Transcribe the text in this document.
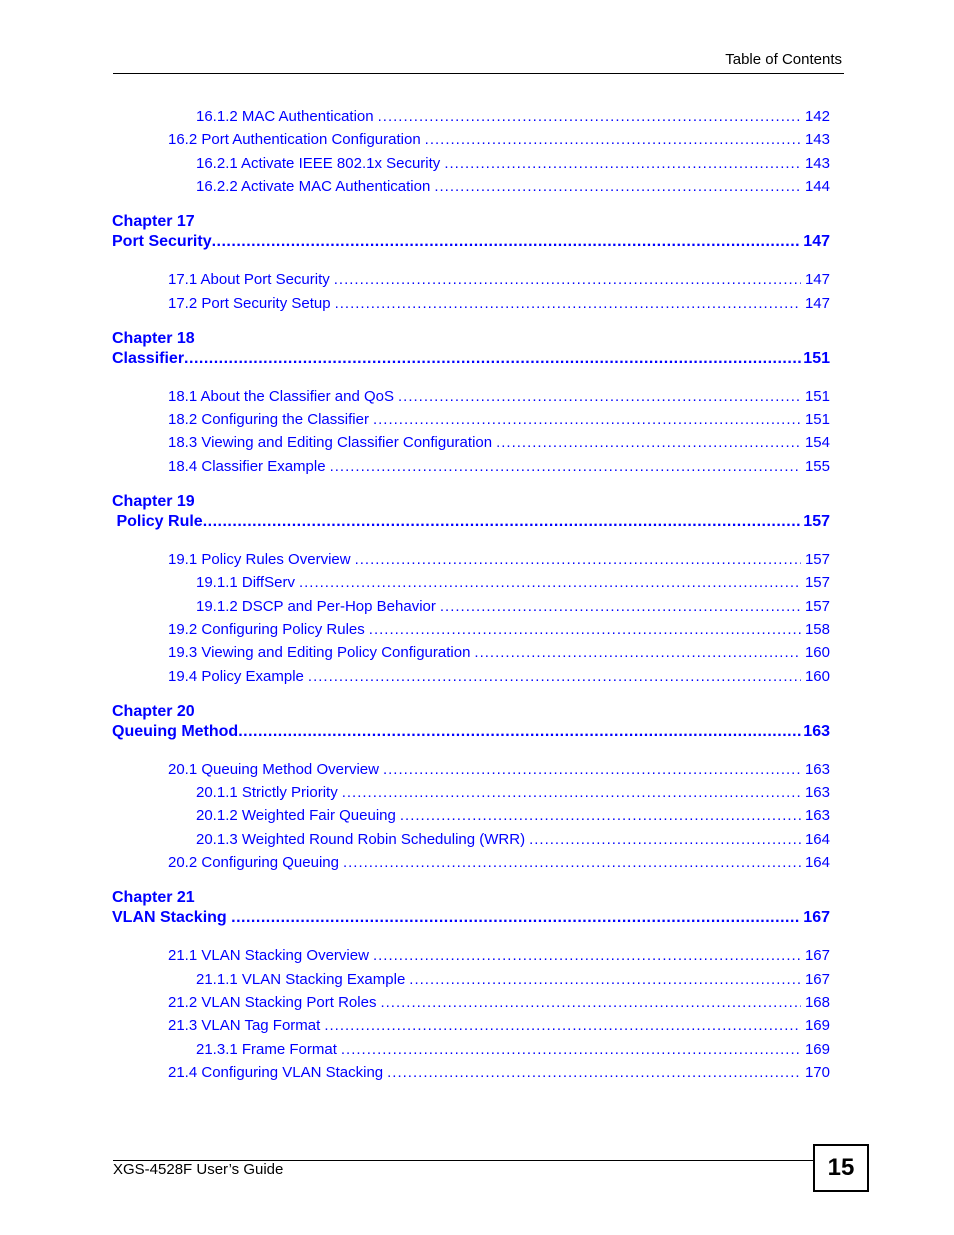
Table of Contents
16.1.2 MAC Authentication .....	142
16.2 Port Authentication Configuration .....	143
16.2.1 Activate IEEE 802.1x Security .....	143
16.2.2 Activate MAC Authentication .....	144
Chapter 17
Port Security .....	147
17.1 About Port Security .....	147
17.2 Port Security Setup .....	147
Chapter 18
Classifier .....	151
18.1 About the Classifier and QoS .....	151
18.2 Configuring the Classifier .....	151
18.3 Viewing and Editing Classifier Configuration .....	154
18.4 Classifier Example .....	155
Chapter 19
Policy Rule .....	157
19.1 Policy Rules Overview .....	157
19.1.1 DiffServ .....	157
19.1.2 DSCP and Per-Hop Behavior .....	157
19.2 Configuring Policy Rules .....	158
19.3 Viewing and Editing Policy Configuration .....	160
19.4 Policy Example .....	160
Chapter 20
Queuing Method .....	163
20.1 Queuing Method Overview .....	163
20.1.1 Strictly Priority .....	163
20.1.2 Weighted Fair Queuing .....	163
20.1.3 Weighted Round Robin Scheduling (WRR) .....	164
20.2 Configuring Queuing .....	164
Chapter 21
VLAN Stacking .....	167
21.1 VLAN Stacking Overview .....	167
21.1.1 VLAN Stacking Example .....	167
21.2 VLAN Stacking Port Roles .....	168
21.3 VLAN Tag Format .....	169
21.3.1 Frame Format .....	169
21.4 Configuring VLAN Stacking .....	170
XGS-4528F User’s Guide	15
